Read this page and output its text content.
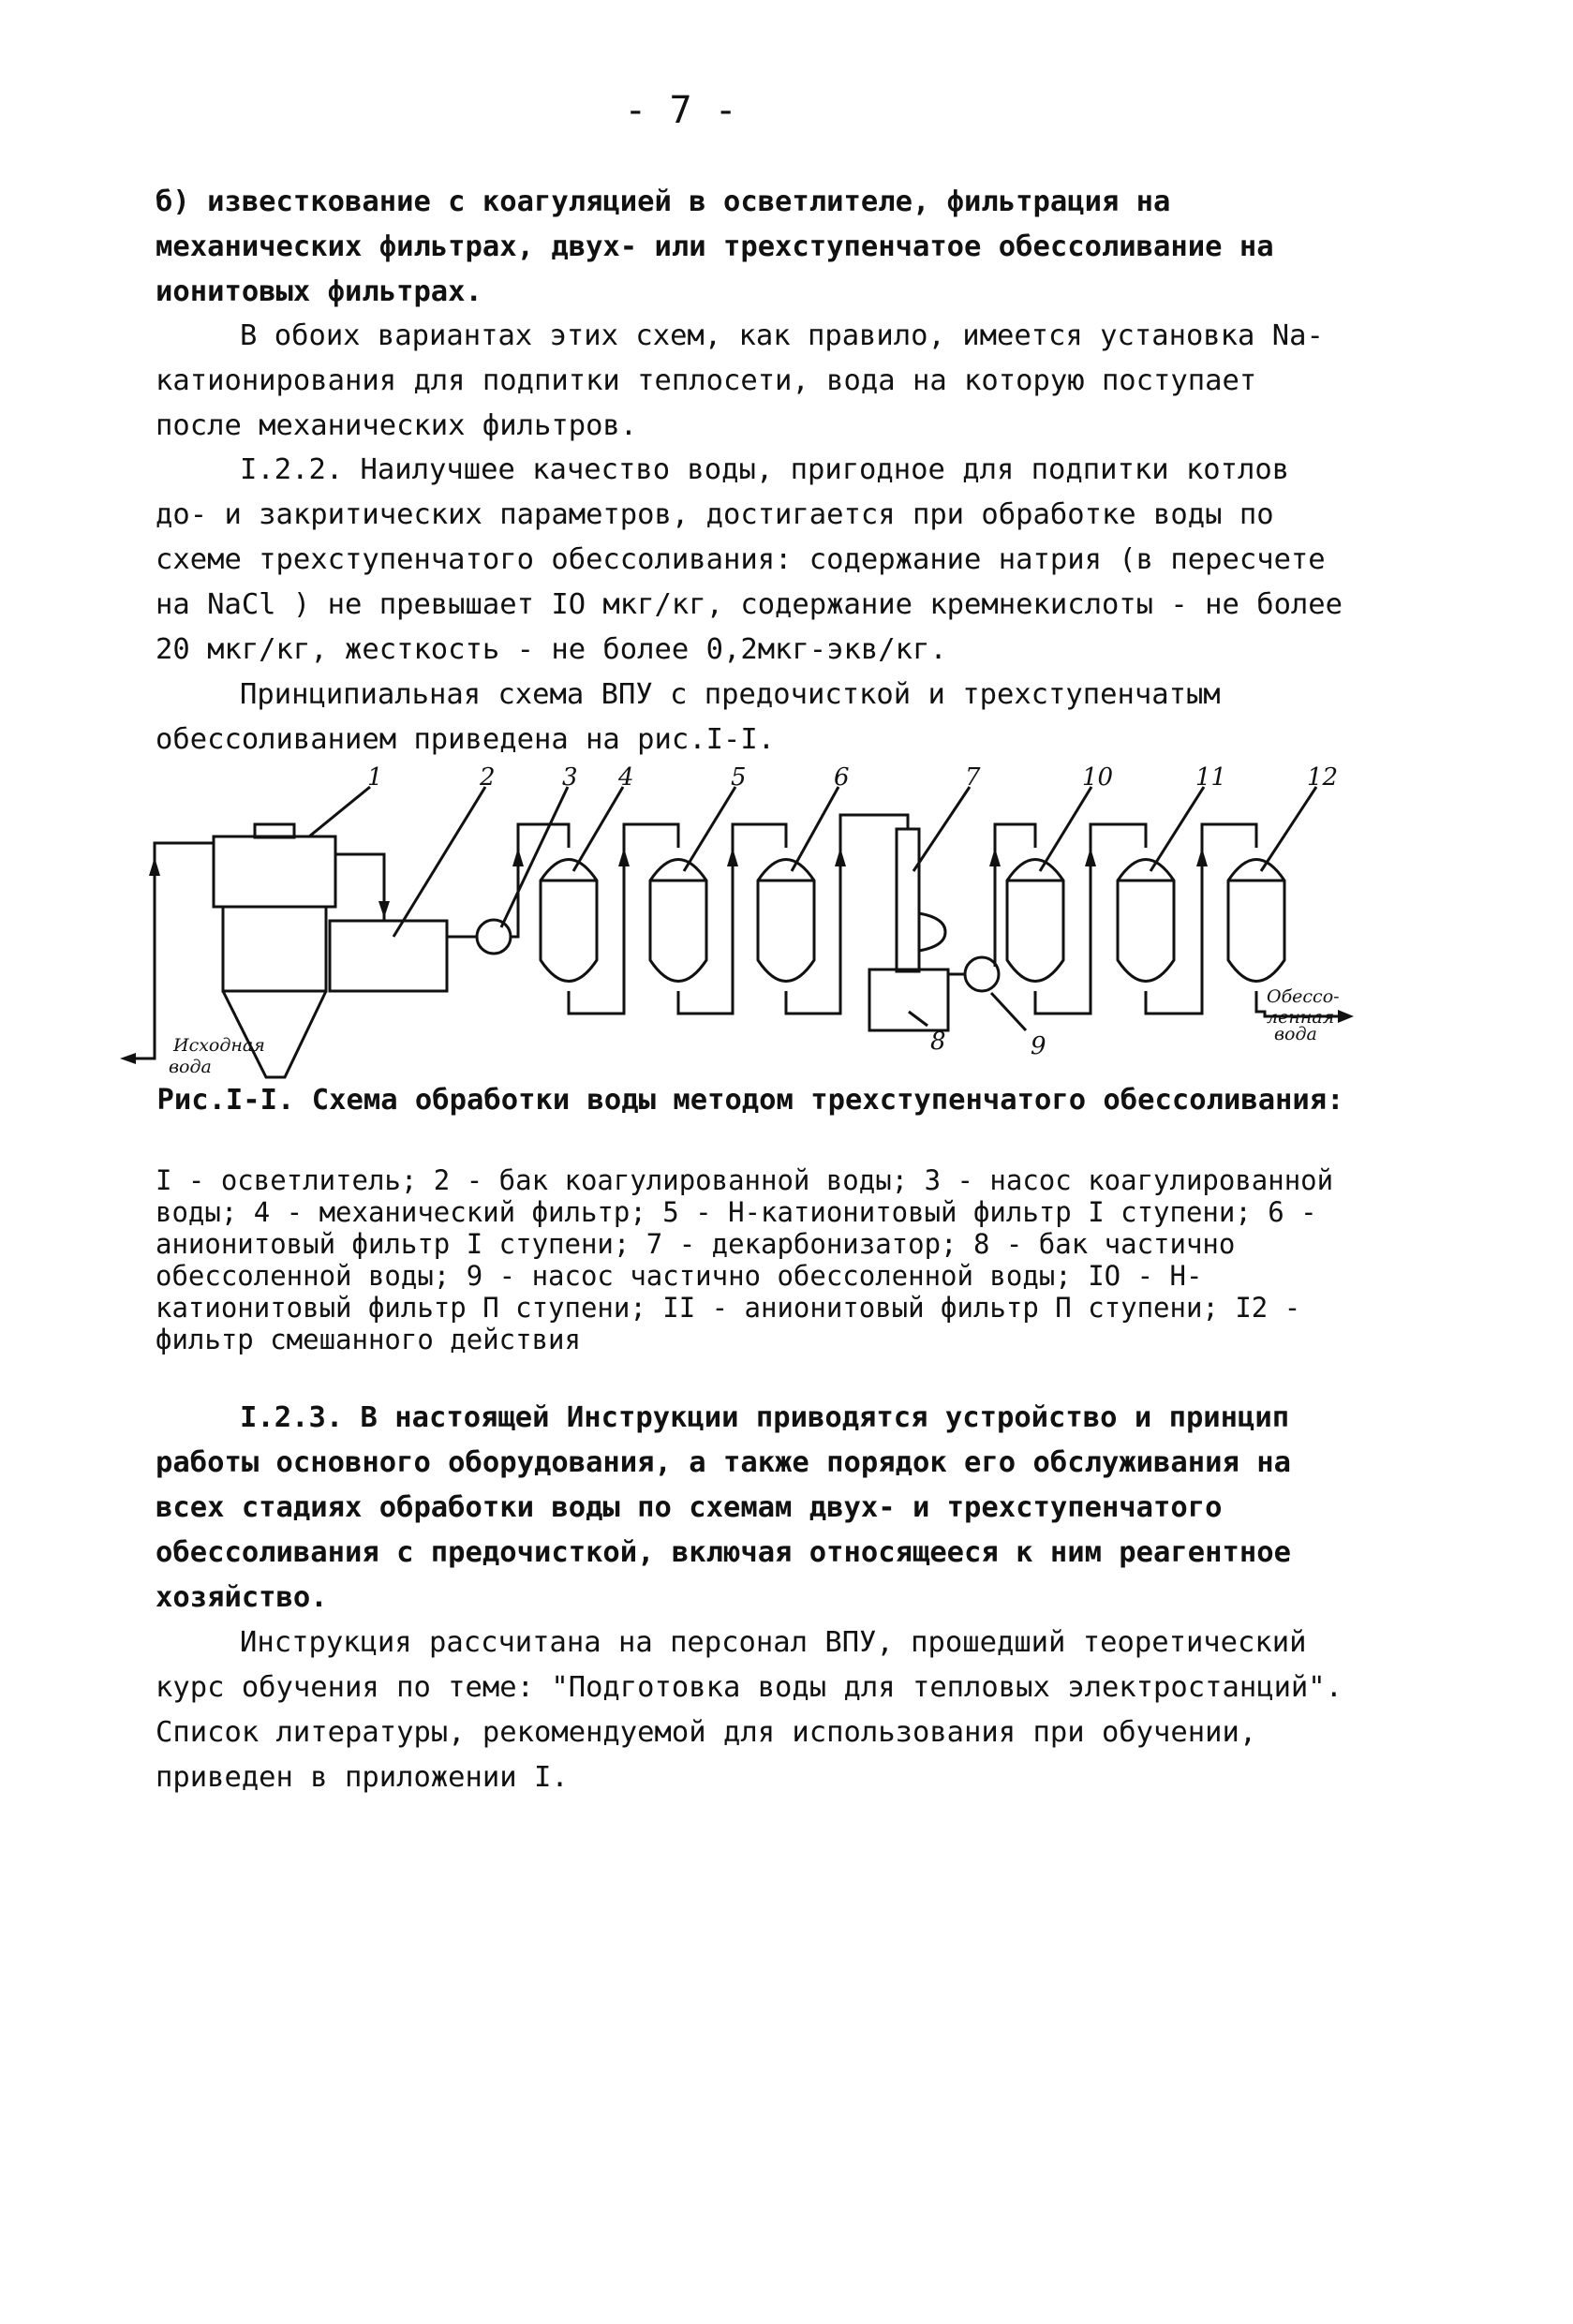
- 7 -

б) известкование с коагуляцией в осветлителе, фильтрация на механических фильтрах, двух- или трехступенчатое обессоливание на ионитовых фильтрах.

В обоих вариантах этих схем, как правило, имеется установка Na-катионирования для подпитки теплосети, вода на которую поступает после механических фильтров.

I.2.2. Наилучшее качество воды, пригодное для подпитки котлов до- и закритических параметров, достигается при обработке воды по схеме трехступенчатого обессоливания: содержание натрия (в пересчете на NaCl ) не превышает IO мкг/кг, содержание кремнекислоты - не более 20 мкг/кг, жесткость - не более 0,2мкг-экв/кг.

Принципиальная схема ВПУ с предочисткой и трехступенчатым обессоливанием приведена на рис.I-I.

1	2	3 4	5	6	7	10	11	12
8	9
Исходная
вода
Обессо-
ленная
вода

Рис.I-I. Схема обработки воды методом трехступенчатого обессоливания:

I - осветлитель; 2 - бак коагулированной воды; 3 - насос коагулированной воды; 4 - механический фильтр; 5 - Н-катионитовый фильтр I ступени; 6 - анионитовый фильтр I ступени; 7 - декарбонизатор; 8 - бак частично обессоленной воды; 9 - насос частично обессоленной воды; IO - Н-катионитовый фильтр П ступени; II - анионитовый фильтр П ступени; I2 - фильтр смешанного действия

I.2.3. В настоящей Инструкции приводятся устройство и принцип работы основного оборудования, а также порядок его обслуживания на всех стадиях обработки воды по схемам двух- и трехступенчатого обессоливания с предочисткой, включая относящееся к ним реагентное хозяйство.

Инструкция рассчитана на персонал ВПУ, прошедший теоретический курс обучения по теме: "Подготовка воды для тепловых электростанций". Список литературы, рекомендуемой для использования при обучении, приведен в приложении I.
